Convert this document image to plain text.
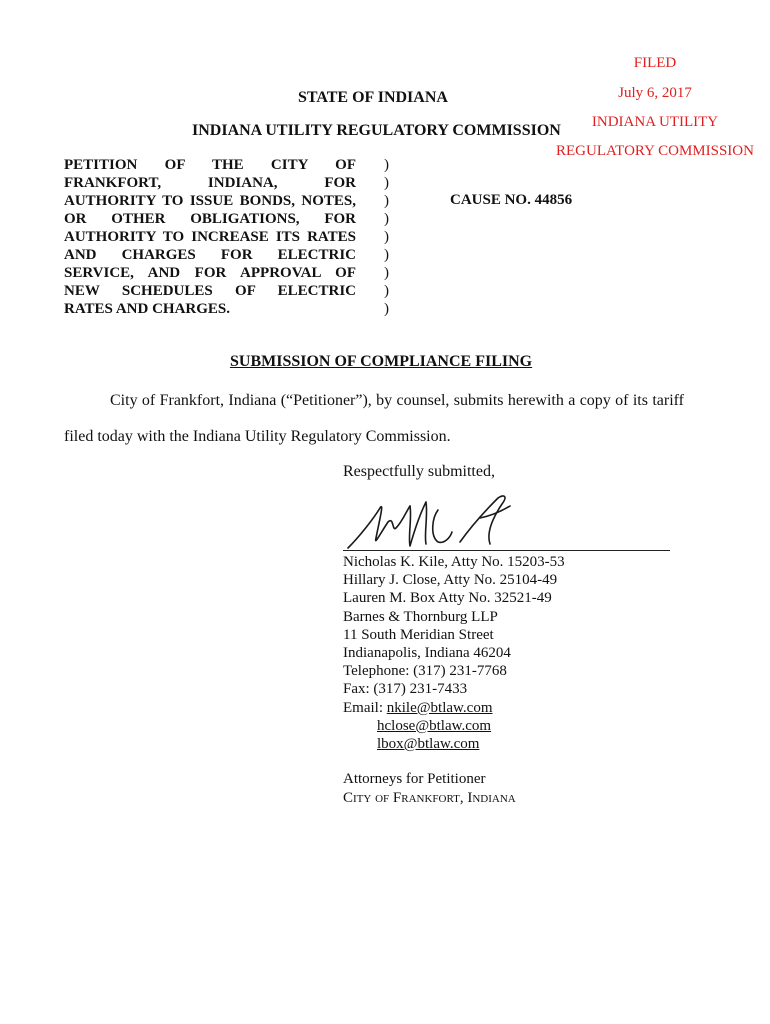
FILED
July 6, 2017
INDIANA UTILITY
REGULATORY COMMISSION
STATE OF INDIANA
INDIANA UTILITY REGULATORY COMMISSION
PETITION OF THE CITY OF
FRANKFORT, INDIANA, FOR
AUTHORITY TO ISSUE BONDS, NOTES,
OR OTHER OBLIGATIONS, FOR
AUTHORITY TO INCREASE ITS RATES
AND CHARGES FOR ELECTRIC
SERVICE, AND FOR APPROVAL OF
NEW SCHEDULES OF ELECTRIC
RATES AND CHARGES.
)
)
)
)
)
)
)
)
)
CAUSE NO. 44856
SUBMISSION OF COMPLIANCE FILING
City of Frankfort, Indiana (“Petitioner”), by counsel, submits herewith a copy of its tariff
filed today with the Indiana Utility Regulatory Commission.
Respectfully submitted,
Nicholas K. Kile, Atty No. 15203-53
Hillary J. Close, Atty No. 25104-49
Lauren M. Box Atty No. 32521-49
Barnes & Thornburg LLP
11 South Meridian Street
Indianapolis, Indiana 46204
Telephone: (317) 231-7768
Fax: (317) 231-7433
Email: nkile@btlaw.com
hclose@btlaw.com
lbox@btlaw.com
Attorneys for Petitioner
City of Frankfort, Indiana
